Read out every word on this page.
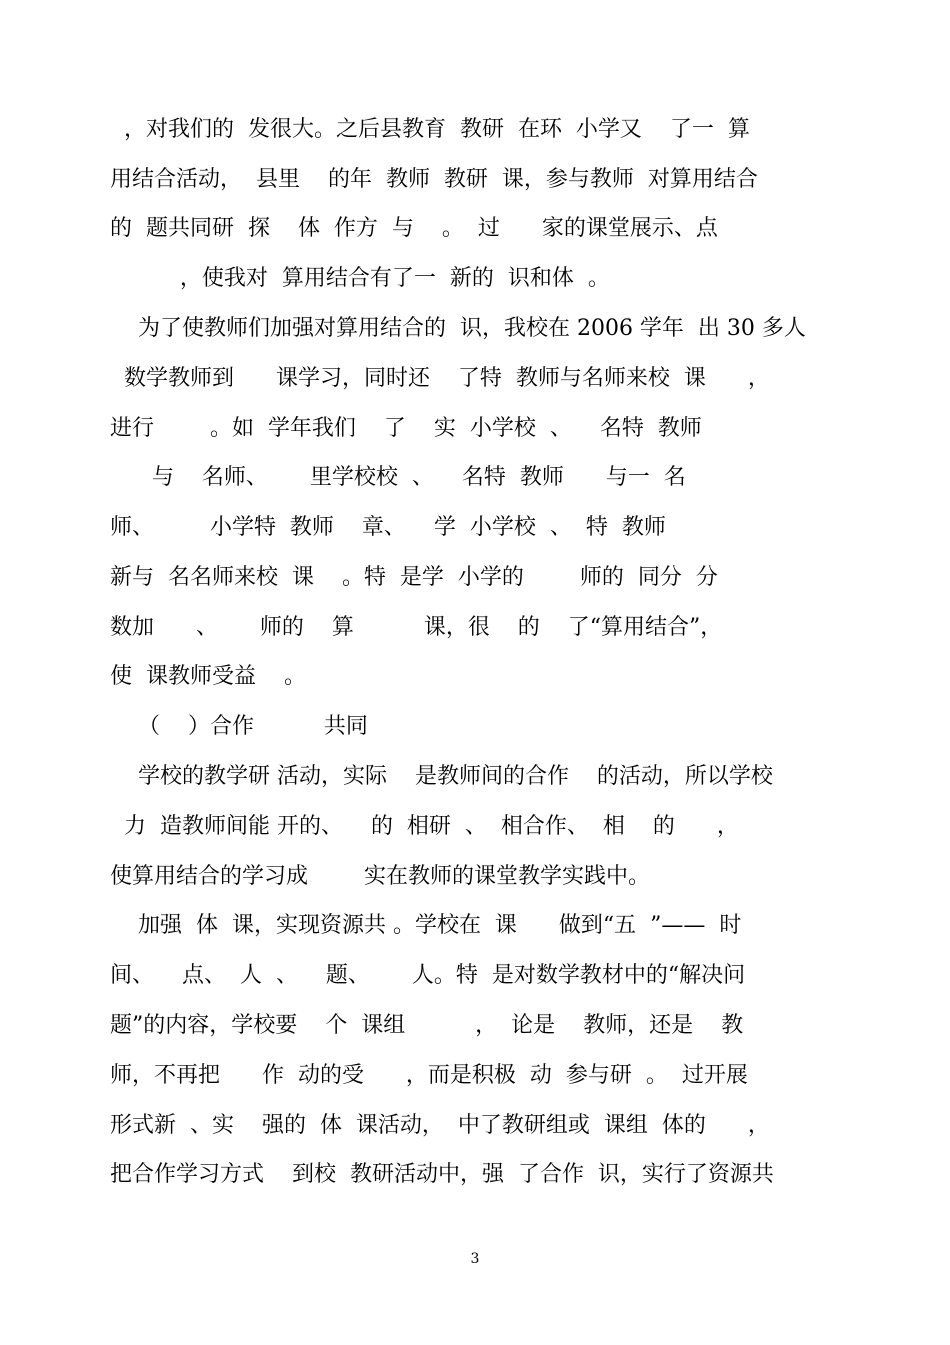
，对我们的  发很大。之后县教育  教研  在环  小学又    了一  算
用结合活动，  县里    的年  教师  教研  课，参与教师  对算用结合
的  题共同研  探    体  作方  与    。  过      家的课堂展示、点
，使我对  算用结合有了一  新的  识和体  。
为了使教师们加强对算用结合的  识，我校在 2006 学年  出 30 多人
数学教师到      课学习，同时还    了特  教师与名师来校  课      ，
进行        。如  学年我们    了    实  小学校  、    名特  教师
与    名师、      里学校校  、    名特  教师      与一  名
师、        小学特  教师    章、    学  小学校  、  特  教师
新与  名名师来校  课    。特  是学  小学的        师的  同分  分
数加      、      师的    算          课，很    的    了“算用结合”，
使  课教师受益    。
（    ）合作          共同
学校的教学研 活动，实际    是教师间的合作    的活动，所以学校
力  造教师间能 开的、    的  相研  、  相合作、  相    的      ，
使算用结合的学习成        实在教师的课堂教学实践中。
加强  体  课，实现资源共 。学校在  课      做到“五  ”——  时
间、    点、  人  、    题、      人。特  是对数学教材中的“解决问
题”的内容，学校要    个  课组          ，  论是    教师，还是    教
师，不再把      作  动的受      ，而是积极  动  参与研  。  过开展
形式新  、实    强的  体  课活动，  中了教研组或  课组  体的      ，
把合作学习方式    到校  教研活动中，强  了合作  识，实行了资源共
3
